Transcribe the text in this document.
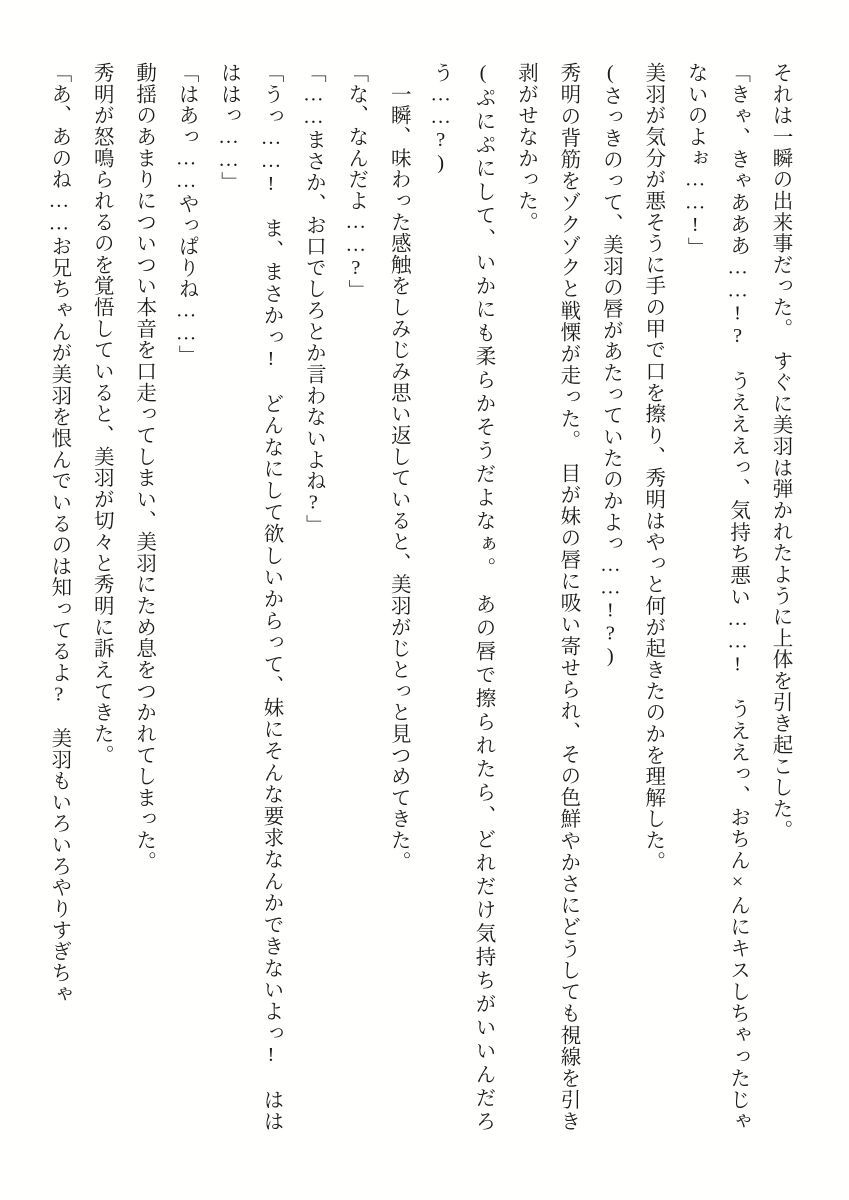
それは一瞬の出来事だった。　すぐに美羽は弾かれたように上体を引き起こした。

「きゃ、きゃあああ……!?　うえええっ、気持ち悪い……!　うええっ、おちん×んにキスしちゃったじゃないのよぉ……!」

美羽が気分が悪そうに手の甲で口を擦り、秀明はやっと何が起きたのかを理解した。

(さっきのって、美羽の唇があたっていたのかよっ……!?)

秀明の背筋をゾクゾクと戦慄が走った。　目が妹の唇に吸い寄せられ、その色鮮やかさにどうしても視線を引き剥がせなかった。

(ぷにぷにして、いかにも柔らかそうだよなぁ。　あの唇で擦られたら、どれだけ気持ちがいいんだろう……?)

　一瞬、味わった感触をしみじみ思い返していると、美羽がじとっと見つめてきた。

「な、なんだよ……?」

「……まさか、お口でしろとか言わないよね?」

「うっ……!　ま、まさかっ!　どんなにして欲しいからって、妹にそんな要求なんかできないよっ!　ははははっ……」

「はあっ……やっぱりね……」

動揺のあまりについつい本音を口走ってしまい、美羽にため息をつかれてしまった。

秀明が怒鳴られるのを覚悟していると、美羽が切々と秀明に訴えてきた。

「あ、あのね……お兄ちゃんが美羽を恨んでいるのは知ってるよ?　美羽もいろいろやりすぎちゃ
